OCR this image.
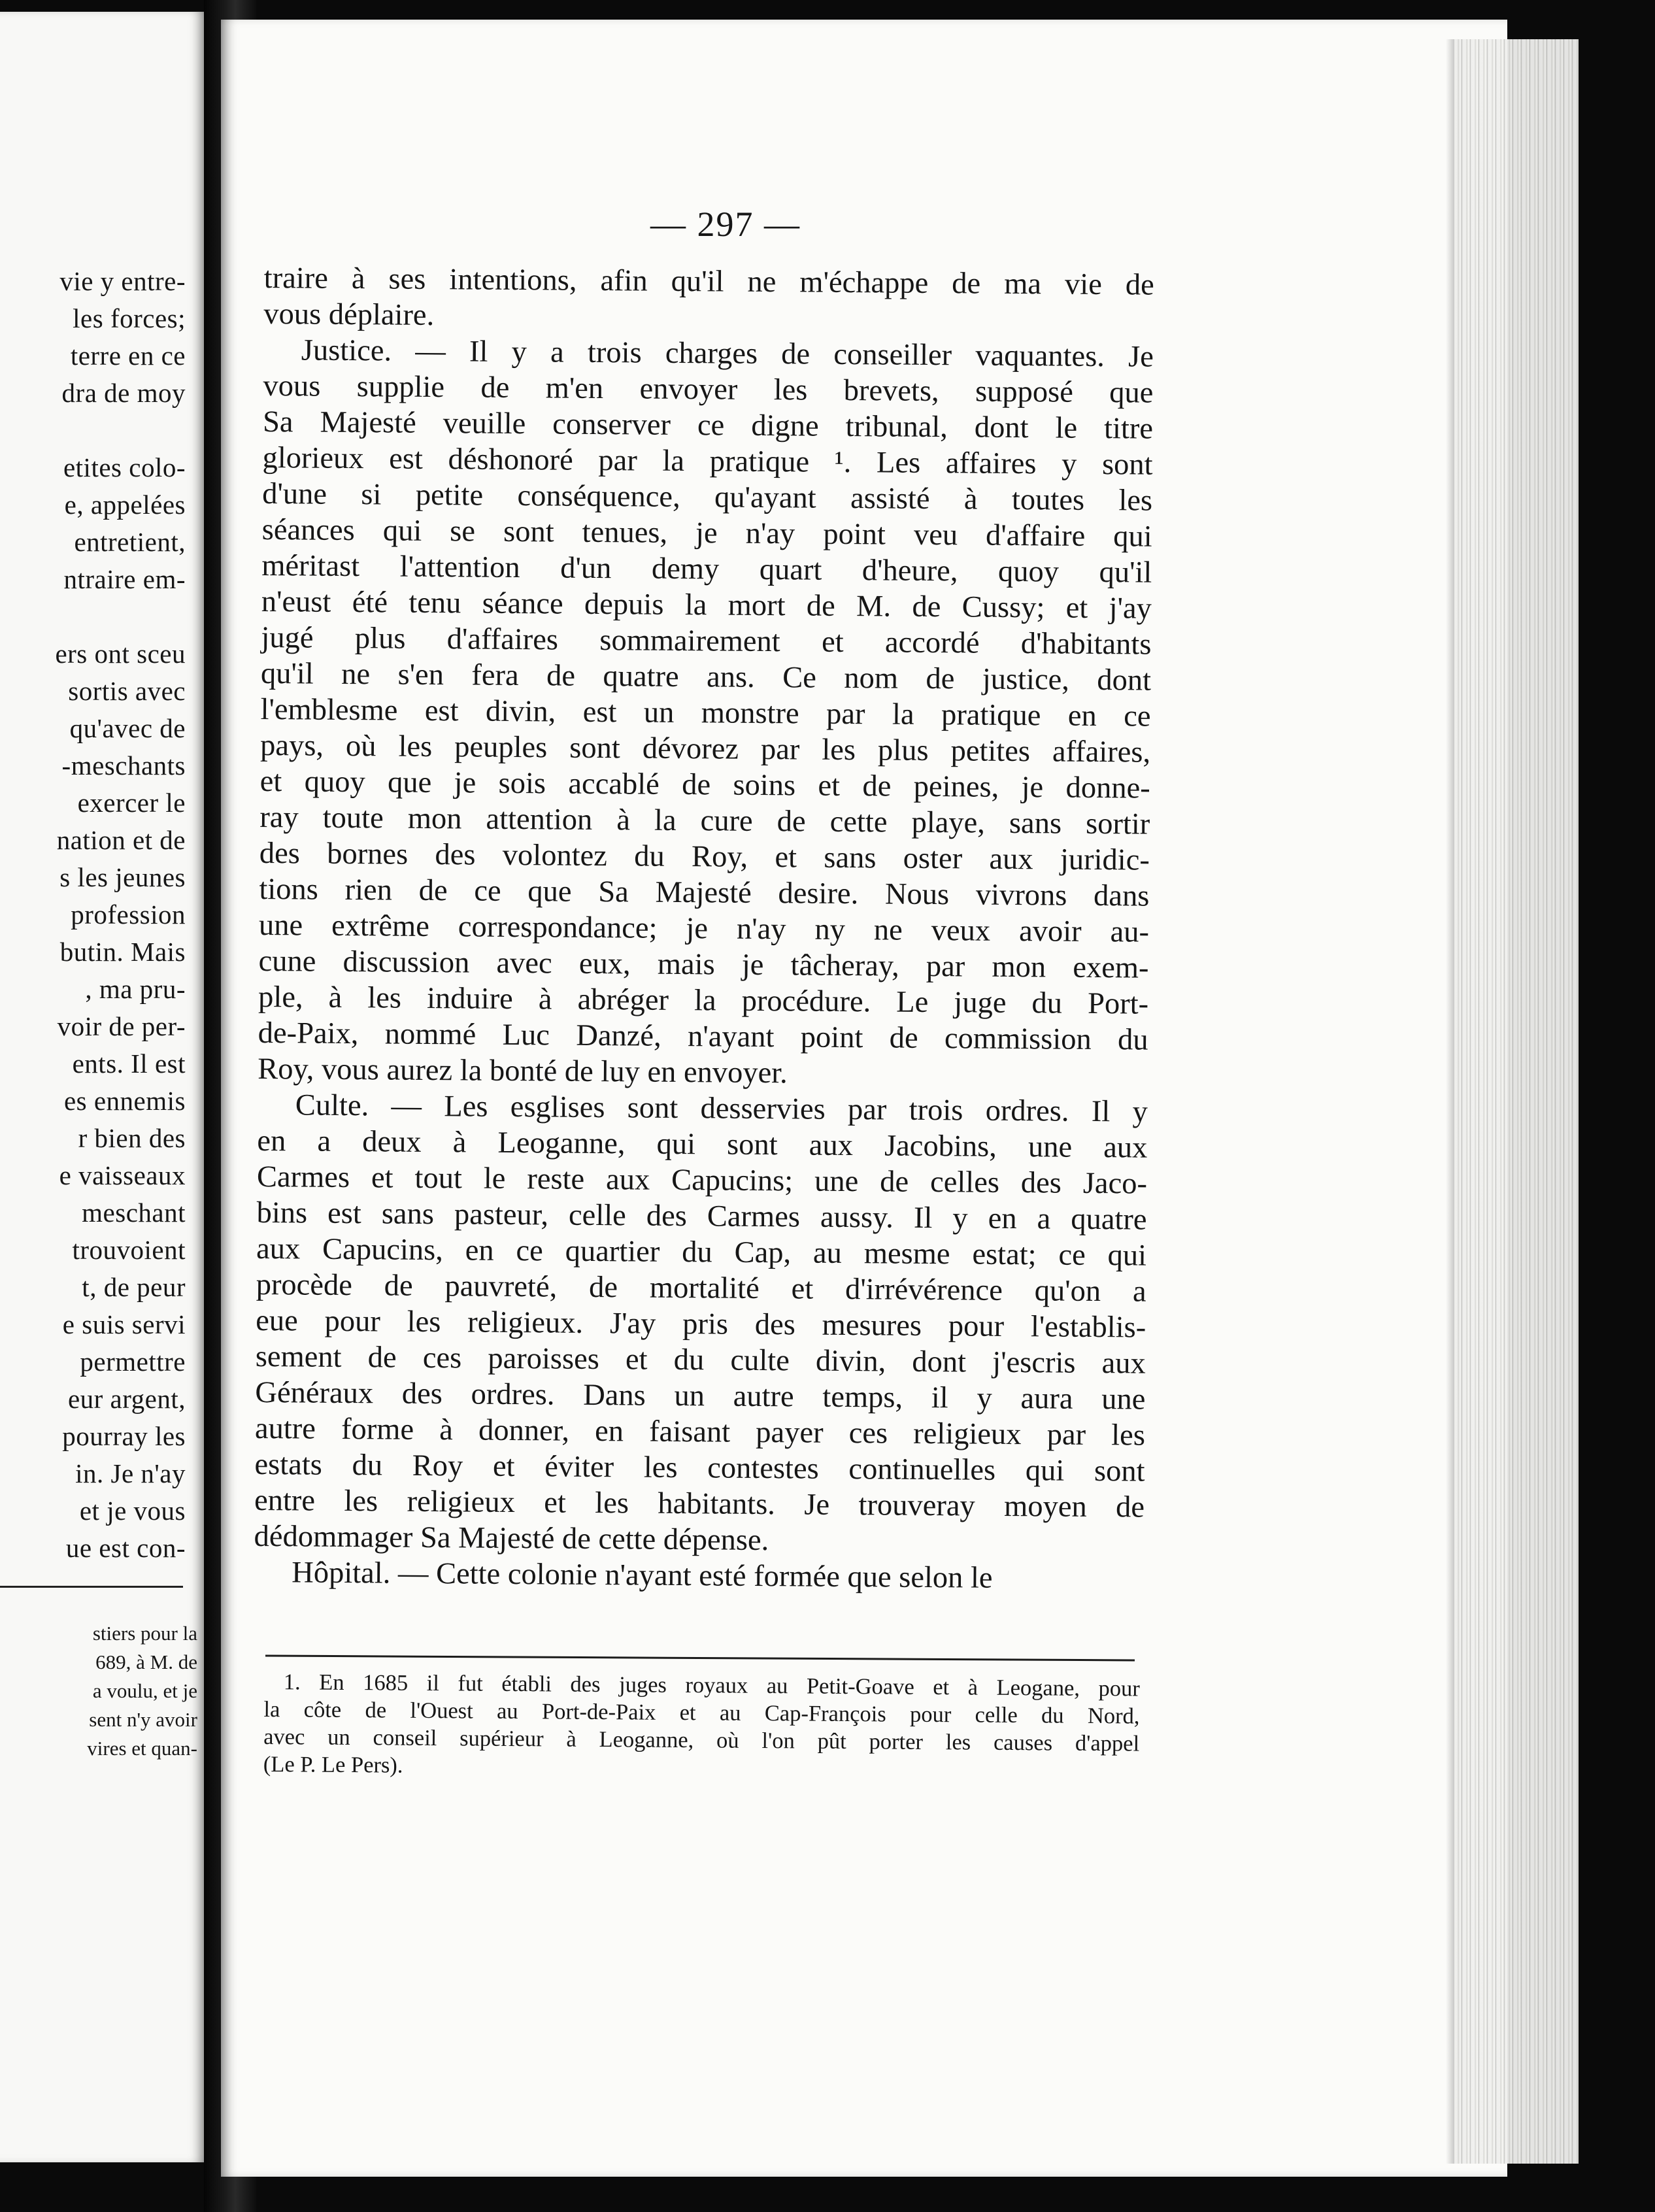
vie y entre-
les forces;
terre en ce
dra de moy
etites colo-
e, appelées
entretient,
ntraire em-
ers ont sceu
sortis avec
qu'avec de
-meschants
exercer le
nation et de
s les jeunes
profession
butin. Mais
, ma pru-
voir de per-
ents. Il est
es ennemis
r bien des
e vaisseaux
meschant
trouvoient
t, de peur
e suis servi
permettre
eur argent,
pourray les
in. Je n'ay
et je vous
ue est con-
stiers pour la
689, à M. de
a voulu, et je
sent n'y avoir
vires et quan-
— 297 —
traire à ses intentions, afin qu'il ne m'échappe de ma vie de
vous déplaire.
Justice. — Il y a trois charges de conseiller vaquantes. Je
vous supplie de m'en envoyer les brevets, supposé que
Sa Majesté veuille conserver ce digne tribunal, dont le titre
glorieux est déshonoré par la pratique ¹. Les affaires y sont
d'une si petite conséquence, qu'ayant assisté à toutes les
séances qui se sont tenues, je n'ay point veu d'affaire qui
méritast l'attention d'un demy quart d'heure, quoy qu'il
n'eust été tenu séance depuis la mort de M. de Cussy; et j'ay
jugé plus d'affaires sommairement et accordé d'habitants
qu'il ne s'en fera de quatre ans. Ce nom de justice, dont
l'emblesme est divin, est un monstre par la pratique en ce
pays, où les peuples sont dévorez par les plus petites affaires,
et quoy que je sois accablé de soins et de peines, je donne-
ray toute mon attention à la cure de cette playe, sans sortir
des bornes des volontez du Roy, et sans oster aux juridic-
tions rien de ce que Sa Majesté desire. Nous vivrons dans
une extrême correspondance; je n'ay ny ne veux avoir au-
cune discussion avec eux, mais je tâcheray, par mon exem-
ple, à les induire à abréger la procédure. Le juge du Port-
de-Paix, nommé Luc Danzé, n'ayant point de commission du
Roy, vous aurez la bonté de luy en envoyer.
Culte. — Les esglises sont desservies par trois ordres. Il y
en a deux à Leoganne, qui sont aux Jacobins, une aux
Carmes et tout le reste aux Capucins; une de celles des Jaco-
bins est sans pasteur, celle des Carmes aussy. Il y en a quatre
aux Capucins, en ce quartier du Cap, au mesme estat; ce qui
procède de pauvreté, de mortalité et d'irrévérence qu'on a
eue pour les religieux. J'ay pris des mesures pour l'establis-
sement de ces paroisses et du culte divin, dont j'escris aux
Généraux des ordres. Dans un autre temps, il y aura une
autre forme à donner, en faisant payer ces religieux par les
estats du Roy et éviter les contestes continuelles qui sont
entre les religieux et les habitants. Je trouveray moyen de
dédommager Sa Majesté de cette dépense.
Hôpital. — Cette colonie n'ayant esté formée que selon le
1. En 1685 il fut établi des juges royaux au Petit-Goave et à Leogane, pour
la côte de l'Ouest au Port-de-Paix et au Cap-François pour celle du Nord,
avec un conseil supérieur à Leoganne, où l'on pût porter les causes d'appel
(Le P. Le Pers).
